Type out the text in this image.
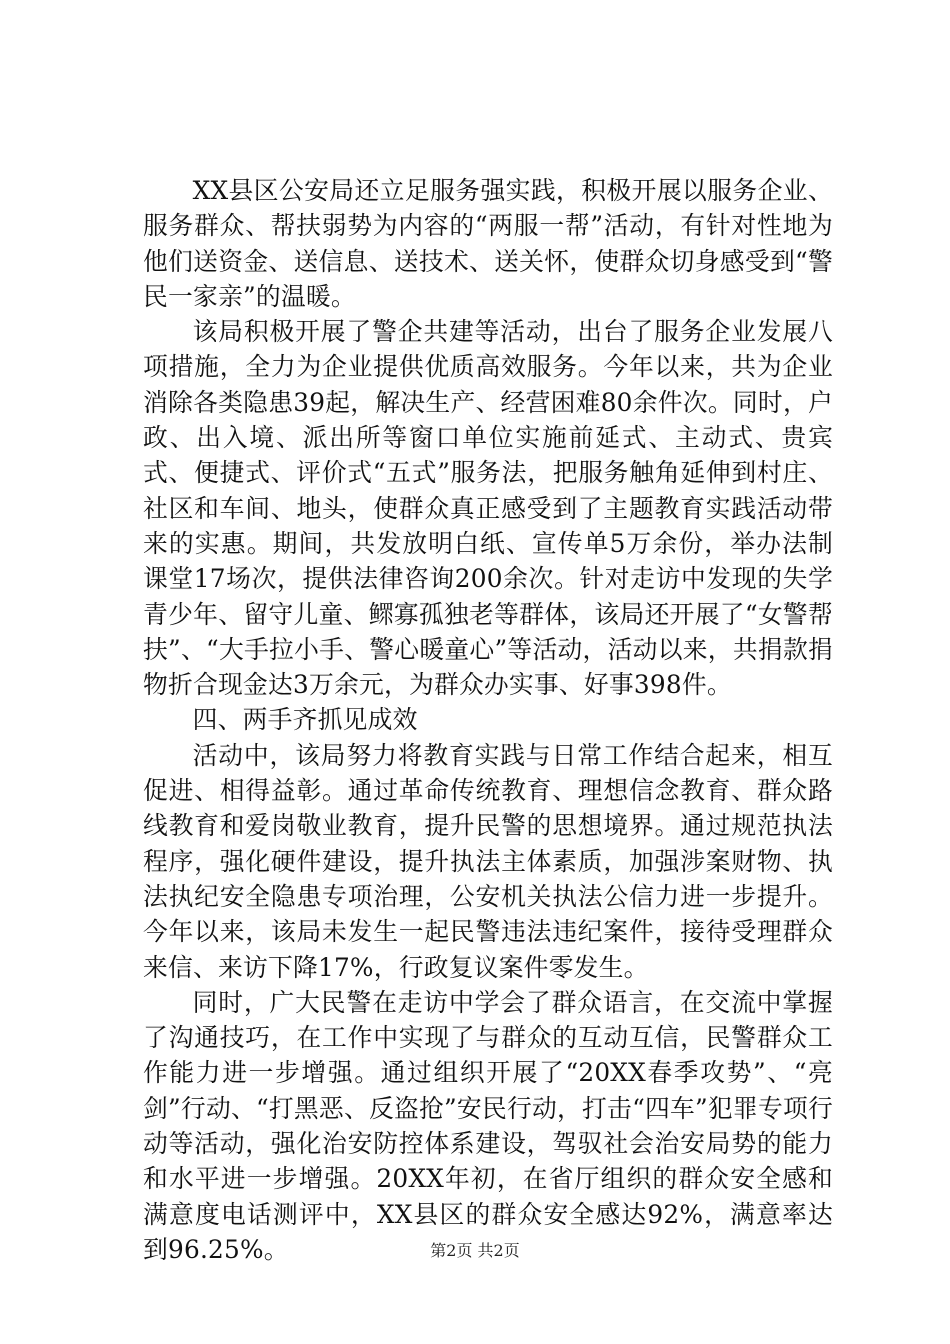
XX县区公安局还立足服务强实践，积极开展以服务企业、服务群众、帮扶弱势为内容的“两服一帮”活动，有针对性地为他们送资金、送信息、送技术、送关怀，使群众切身感受到“警民一家亲”的温暖。

该局积极开展了警企共建等活动，出台了服务企业发展八项措施，全力为企业提供优质高效服务。今年以来，共为企业消除各类隐患39起，解决生产、经营困难80余件次。同时，户政、出入境、派出所等窗口单位实施前延式、主动式、贵宾式、便捷式、评价式“五式”服务法，把服务触角延伸到村庄、社区和车间、地头，使群众真正感受到了主题教育实践活动带来的实惠。期间，共发放明白纸、宣传单5万余份，举办法制课堂17场次，提供法律咨询200余次。针对走访中发现的失学青少年、留守儿童、鳏寡孤独老等群体，该局还开展了“女警帮扶”、“大手拉小手、警心暖童心”等活动，活动以来，共捐款捐物折合现金达3万余元，为群众办实事、好事398件。

四、两手齐抓见成效

活动中，该局努力将教育实践与日常工作结合起来，相互促进、相得益彰。通过革命传统教育、理想信念教育、群众路线教育和爱岗敬业教育，提升民警的思想境界。通过规范执法程序，强化硬件建设，提升执法主体素质，加强涉案财物、执法执纪安全隐患专项治理，公安机关执法公信力进一步提升。今年以来，该局未发生一起民警违法违纪案件，接待受理群众来信、来访下降17%，行政复议案件零发生。

同时，广大民警在走访中学会了群众语言，在交流中掌握了沟通技巧，在工作中实现了与群众的互动互信，民警群众工作能力进一步增强。通过组织开展了“20XX春季攻势”、“亮剑”行动、“打黑恶、反盗抢”安民行动，打击“四车”犯罪专项行动等活动，强化治安防控体系建设，驾驭社会治安局势的能力和水平进一步增强。20XX年初，在省厅组织的群众安全感和满意度电话测评中，XX县区的群众安全感达92%，满意率达到96.25%。	第2页 共2页
